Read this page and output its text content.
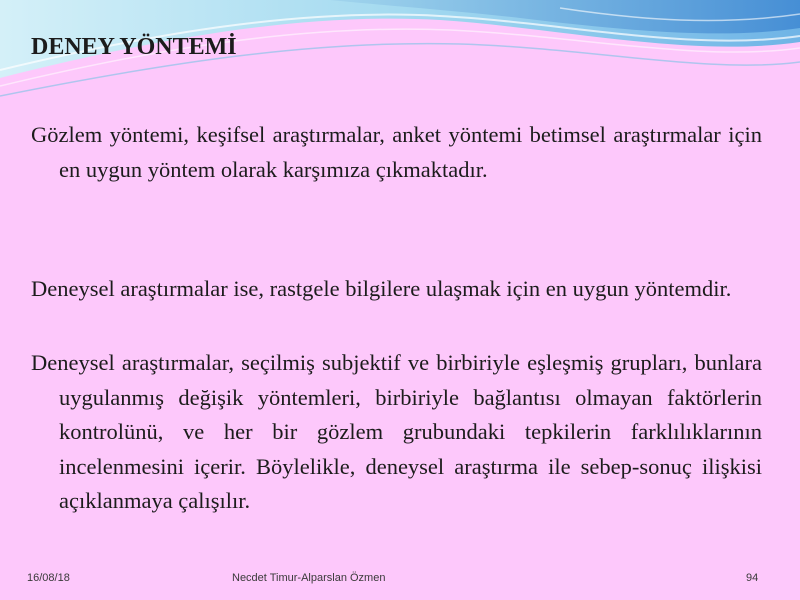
DENEY YÖNTEMİ

Gözlem yöntemi, keşifsel araştırmalar, anket yöntemi betimsel araştırmalar için en uygun yöntem olarak karşımıza çıkmaktadır.

Deneysel araştırmalar ise, rastgele bilgilere ulaşmak için en uygun yöntemdir.

Deneysel araştırmalar, seçilmiş subjektif ve birbiriyle eşleşmiş grupları, bunlara uygulanmış değişik yöntemleri, birbiriyle bağlantısı olmayan faktörlerin kontrolünü, ve her bir gözlem grubundaki tepkilerin farklılıklarının incelenmesini içerir. Böylelikle, deneysel araştırma ile sebep-sonuç ilişkisi açıklanmaya çalışılır.

16/08/18	Necdet Timur-Alparslan Özmen	94
